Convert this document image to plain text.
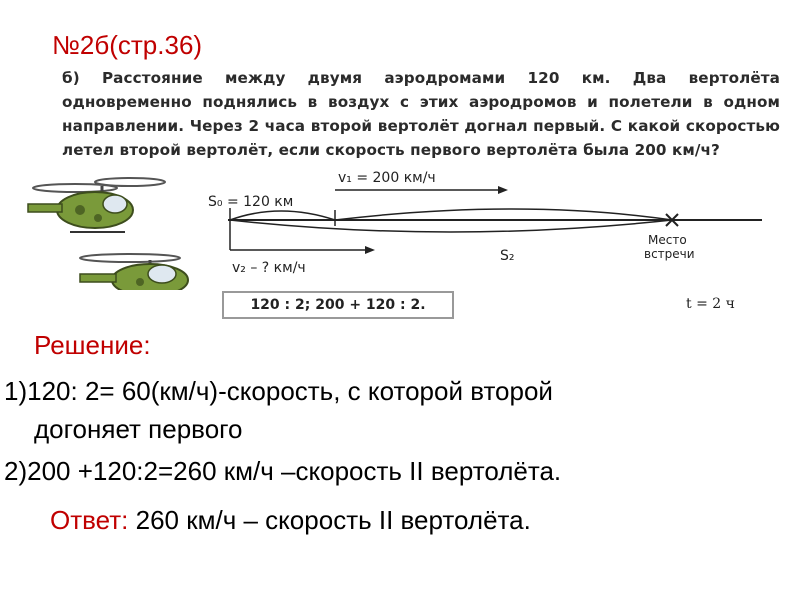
№2б(стр.36)
б) Расстояние между двумя аэродромами 120 км. Два вертолёта одновременно поднялись в воздух с этих аэродромов и полетели в одном направлении. Через 2 часа второй вертолёт догнал первый. С какой скоростью летел второй вертолёт, если скорость первого вертолёта была 200 км/ч?
S₀ = 120 км
v₁ = 200 км/ч
S₂
Место
встречи
v₂ – ? км/ч
120 : 2; 200 + 120 : 2.	t = 2 ч
Решение:
1)120: 2= 60(км/ч)-скорость, с которой второй
догоняет первого
2)200 +120:2=260 км/ч –скорость II вертолёта.
Ответ: 260 км/ч – скорость II вертолёта.
